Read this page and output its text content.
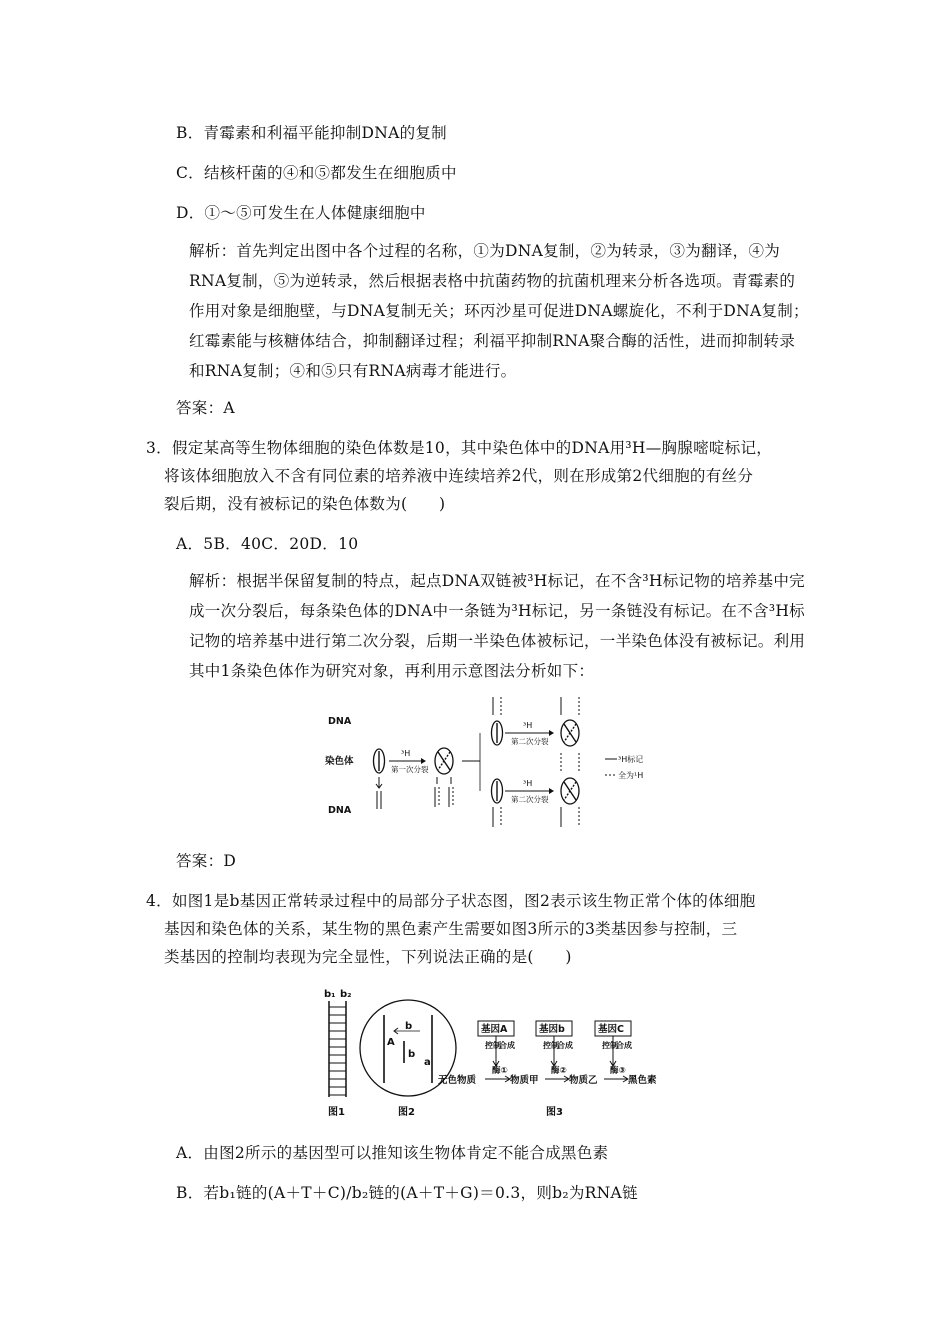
B．青霉素和利福平能抑制DNA的复制
C．结核杆菌的④和⑤都发生在细胞质中
D．①～⑤可发生在人体健康细胞中
解析：首先判定出图中各个过程的名称，①为DNA复制，②为转录，③为翻译，④为RNA复制，⑤为逆转录，然后根据表格中抗菌药物的抗菌机理来分析各选项。青霉素的作用对象是细胞壁，与DNA复制无关；环丙沙星可促进DNA螺旋化，不利于DNA复制；红霉素能与核糖体结合，抑制翻译过程；利福平抑制RNA聚合酶的活性，进而抑制转录和RNA复制；④和⑤只有RNA病毒才能进行。
答案：A
3．假定某高等生物体细胞的染色体数是10，其中染色体中的DNA用³H—胸腺嘧啶标记，
将该体细胞放入不含有同位素的培养液中连续培养2代，则在形成第2代细胞的有丝分
裂后期，没有被标记的染色体数为(　　)
A．5B．40C．20D．10
解析：根据半保留复制的特点，起点DNA双链被³H标记，在不含³H标记物的培养基中完成一次分裂后，每条染色体的DNA中一条链为³H标记，另一条链没有标记。在不含³H标记物的培养基中进行第二次分裂，后期一半染色体被标记，一半染色体没有被标记。利用其中1条染色体作为研究对象，再利用示意图法分析如下：
DNA
染色体
DNA
³H
第一次分裂
³H
第二次分裂
³H
第二次分裂
³H标记
全为¹H
答案：D
4．如图1是b基因正常转录过程中的局部分子状态图，图2表示该生物正常个体的体细胞
基因和染色体的关系，某生物的黑色素产生需要如图3所示的3类基因参与控制，三
类基因的控制均表现为完全显性，下列说法正确的是(　　)
b₁ b₂
图1
A
b
b
a
图2
基因A	基因b	基因C
控制
合成	控制
合成	控制
合成
无色物质
酶①
物质甲
酶②
物质乙
酶③
黑色素
图3
A．由图2所示的基因型可以推知该生物体肯定不能合成黑色素
B．若b₁链的(A＋T＋C)/b₂链的(A＋T＋G)＝0.3，则b₂为RNA链
